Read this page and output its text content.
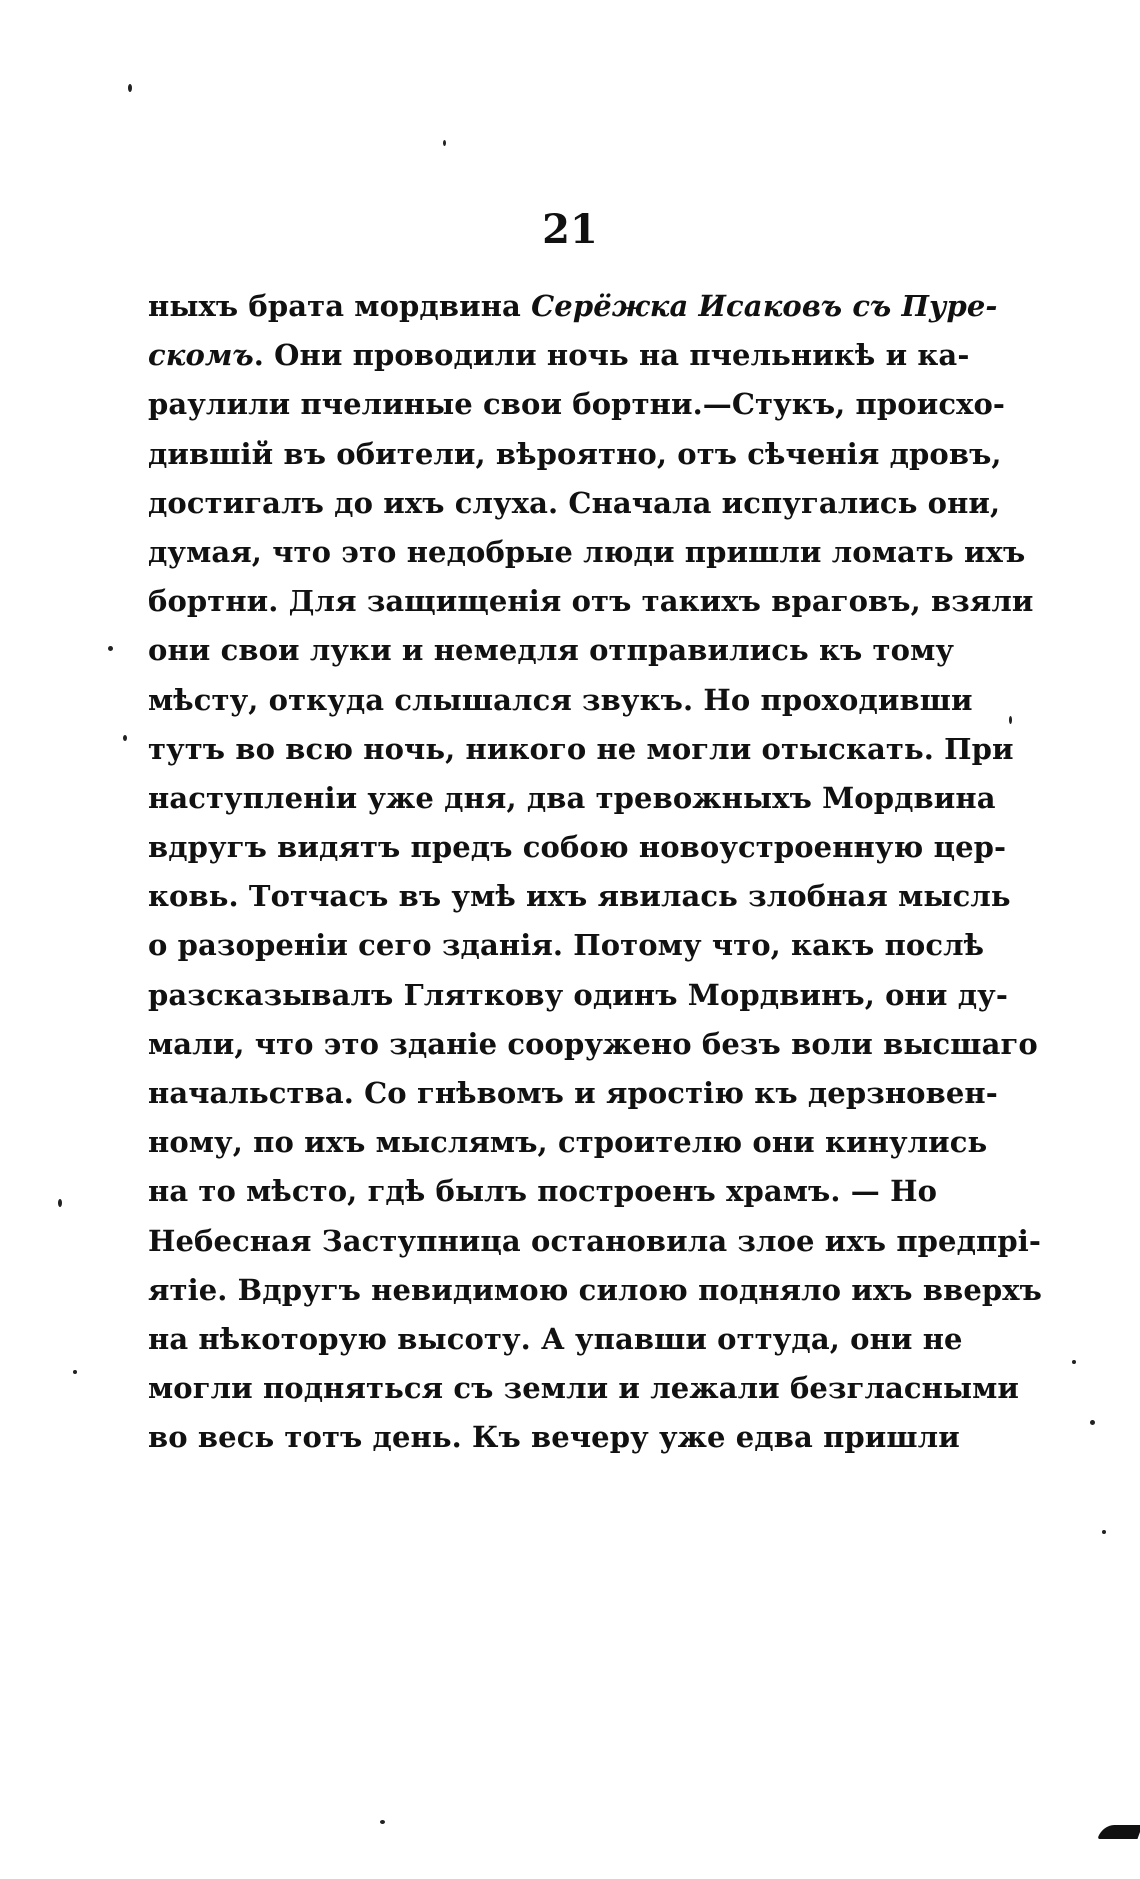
21
ныхъ брата мордвина Серёжка Исаковъ съ Пуре-
скомъ. Они проводили ночь на пчельникѣ и ка-
раулили пчелиные свои бортни.—Стукъ, происхо-
дившій въ обители, вѣроятно, отъ сѣченія дровъ,
достигалъ до ихъ слуха. Сначала испугались они,
думая, что это недобрые люди пришли ломать ихъ
бортни. Для защищенія отъ такихъ враговъ, взяли
они свои луки и немедля отправились къ тому
мѣсту, откуда слышался звукъ. Но проходивши
тутъ во всю ночь, никого не могли отыскать. При
наступленіи уже дня, два тревожныхъ Мордвина
вдругъ видятъ предъ собою новоустроенную цер-
ковь. Тотчасъ въ умѣ ихъ явилась злобная мысль
о разореніи сего зданія. Потому что, какъ послѣ
разсказывалъ Гляткову одинъ Мордвинъ, они ду-
мали, что это зданіе сооружено безъ воли высшаго
начальства. Со гнѣвомъ и яростію къ дерзновен-
ному, по ихъ мыслямъ, строителю они кинулись
на то мѣсто, гдѣ былъ построенъ храмъ. — Но
Небесная Заступница остановила злое ихъ предпрі-
ятіе. Вдругъ невидимою силою подняло ихъ вверхъ
на нѣкоторую высоту. А упавши оттуда, они не
могли подняться съ земли и лежали безгласными
во весь тотъ день. Къ вечеру уже едва пришли
